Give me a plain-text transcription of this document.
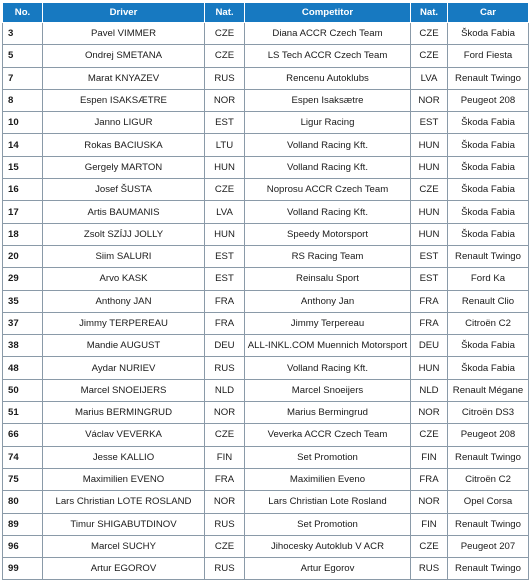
No.	Driver	Nat.	Competitor	Nat.	Car
3	Pavel VIMMER	CZE	Diana ACCR Czech Team	CZE	Škoda Fabia
5	Ondrej SMETANA	CZE	LS Tech ACCR Czech Team	CZE	Ford Fiesta
7	Marat KNYAZEV	RUS	Rencenu Autoklubs	LVA	Renault Twingo
8	Espen ISAKSÆTRE	NOR	Espen Isaksætre	NOR	Peugeot 208
10	Janno LIGUR	EST	Ligur Racing	EST	Škoda Fabia
14	Rokas BACIUSKA	LTU	Volland Racing Kft.	HUN	Škoda Fabia
15	Gergely MARTON	HUN	Volland Racing Kft.	HUN	Škoda Fabia
16	Josef ŠUSTA	CZE	Noprosu ACCR Czech Team	CZE	Škoda Fabia
17	Artis BAUMANIS	LVA	Volland Racing Kft.	HUN	Škoda Fabia
18	Zsolt SZÍJJ JOLLY	HUN	Speedy Motorsport	HUN	Škoda Fabia
20	Siim SALURI	EST	RS Racing Team	EST	Renault Twingo
29	Arvo KASK	EST	Reinsalu Sport	EST	Ford Ka
35	Anthony JAN	FRA	Anthony Jan	FRA	Renault Clio
37	Jimmy TERPEREAU	FRA	Jimmy Terpereau	FRA	Citroën C2
38	Mandie AUGUST	DEU	ALL-INKL.COM Muennich Motorsport	DEU	Škoda Fabia
48	Aydar NURIEV	RUS	Volland Racing Kft.	HUN	Škoda Fabia
50	Marcel SNOEIJERS	NLD	Marcel Snoeijers	NLD	Renault Mégane
51	Marius BERMINGRUD	NOR	Marius Bermingrud	NOR	Citroën DS3
66	Václav VEVERKA	CZE	Veverka ACCR Czech Team	CZE	Peugeot 208
74	Jesse KALLIO	FIN	Set Promotion	FIN	Renault Twingo
75	Maximilien EVENO	FRA	Maximilien Eveno	FRA	Citroën C2
80	Lars Christian LOTE ROSLAND	NOR	Lars Christian Lote Rosland	NOR	Opel Corsa
89	Timur SHIGABUTDINOV	RUS	Set Promotion	FIN	Renault Twingo
96	Marcel SUCHY	CZE	Jihocesky Autoklub V ACR	CZE	Peugeot 207
99	Artur EGOROV	RUS	Artur Egorov	RUS	Renault Twingo
